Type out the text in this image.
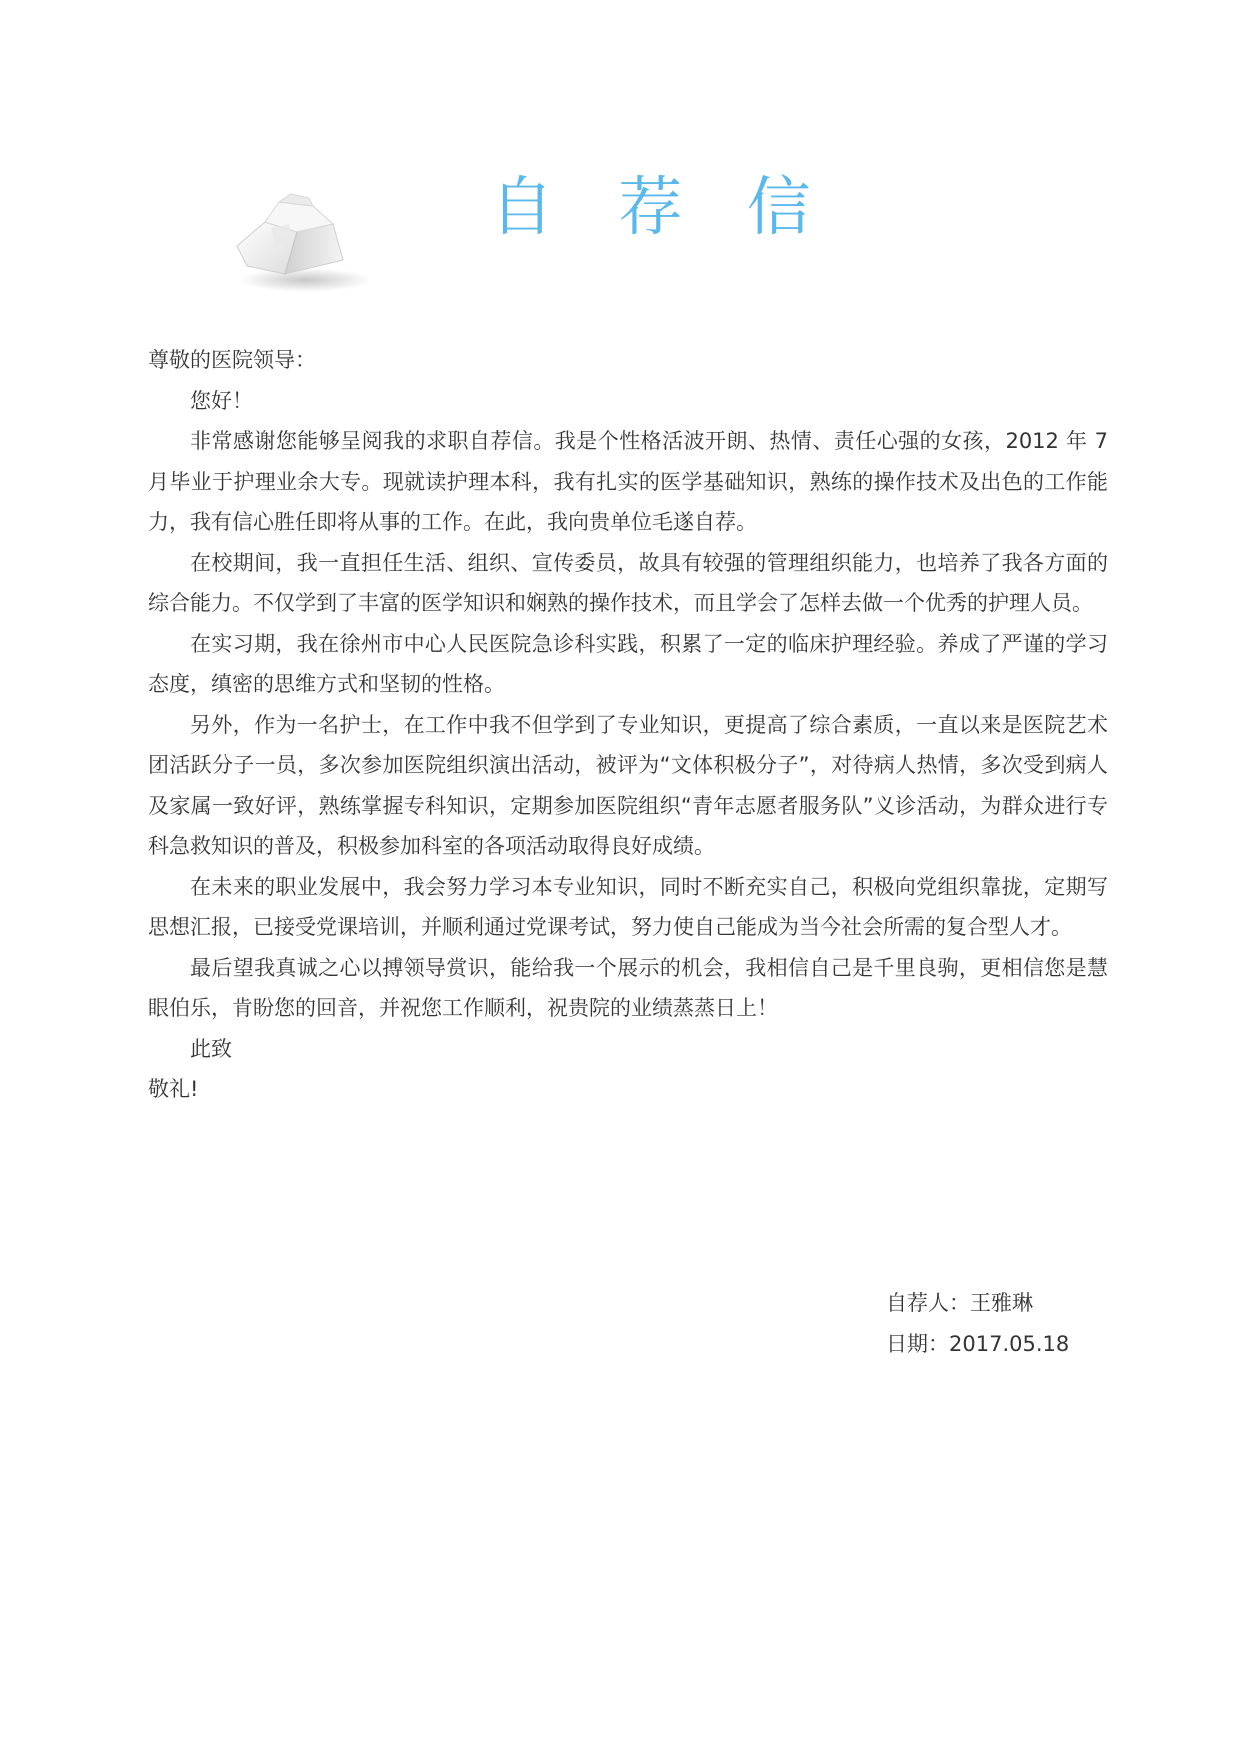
自 荐 信

尊敬的医院领导：

您好！

非常感谢您能够呈阅我的求职自荐信。我是个性格活波开朗、热情、责任心强的女孩，2012 年 7 月毕业于护理业余大专。现就读护理本科，我有扎实的医学基础知识，熟练的操作技术及出色的工作能力，我有信心胜任即将从事的工作。在此，我向贵单位毛遂自荐。

在校期间，我一直担任生活、组织、宣传委员，故具有较强的管理组织能力，也培养了我各方面的综合能力。不仅学到了丰富的医学知识和娴熟的操作技术，而且学会了怎样去做一个优秀的护理人员。

在实习期，我在徐州市中心人民医院急诊科实践，积累了一定的临床护理经验。养成了严谨的学习态度，缜密的思维方式和坚韧的性格。

另外，作为一名护士，在工作中我不但学到了专业知识，更提高了综合素质，一直以来是医院艺术团活跃分子一员，多次参加医院组织演出活动，被评为“文体积极分子”，对待病人热情，多次受到病人及家属一致好评，熟练掌握专科知识，定期参加医院组织“青年志愿者服务队”义诊活动，为群众进行专科急救知识的普及，积极参加科室的各项活动取得良好成绩。

在未来的职业发展中，我会努力学习本专业知识，同时不断充实自己，积极向党组织靠拢，定期写思想汇报，已接受党课培训，并顺利通过党课考试，努力使自己能成为当今社会所需的复合型人才。

最后望我真诚之心以搏领导赏识，能给我一个展示的机会，我相信自己是千里良驹，更相信您是慧眼伯乐，肯盼您的回音，并祝您工作顺利，祝贵院的业绩蒸蒸日上！

此致

敬礼!

自荐人：王雅琳
日期：2017.05.18
